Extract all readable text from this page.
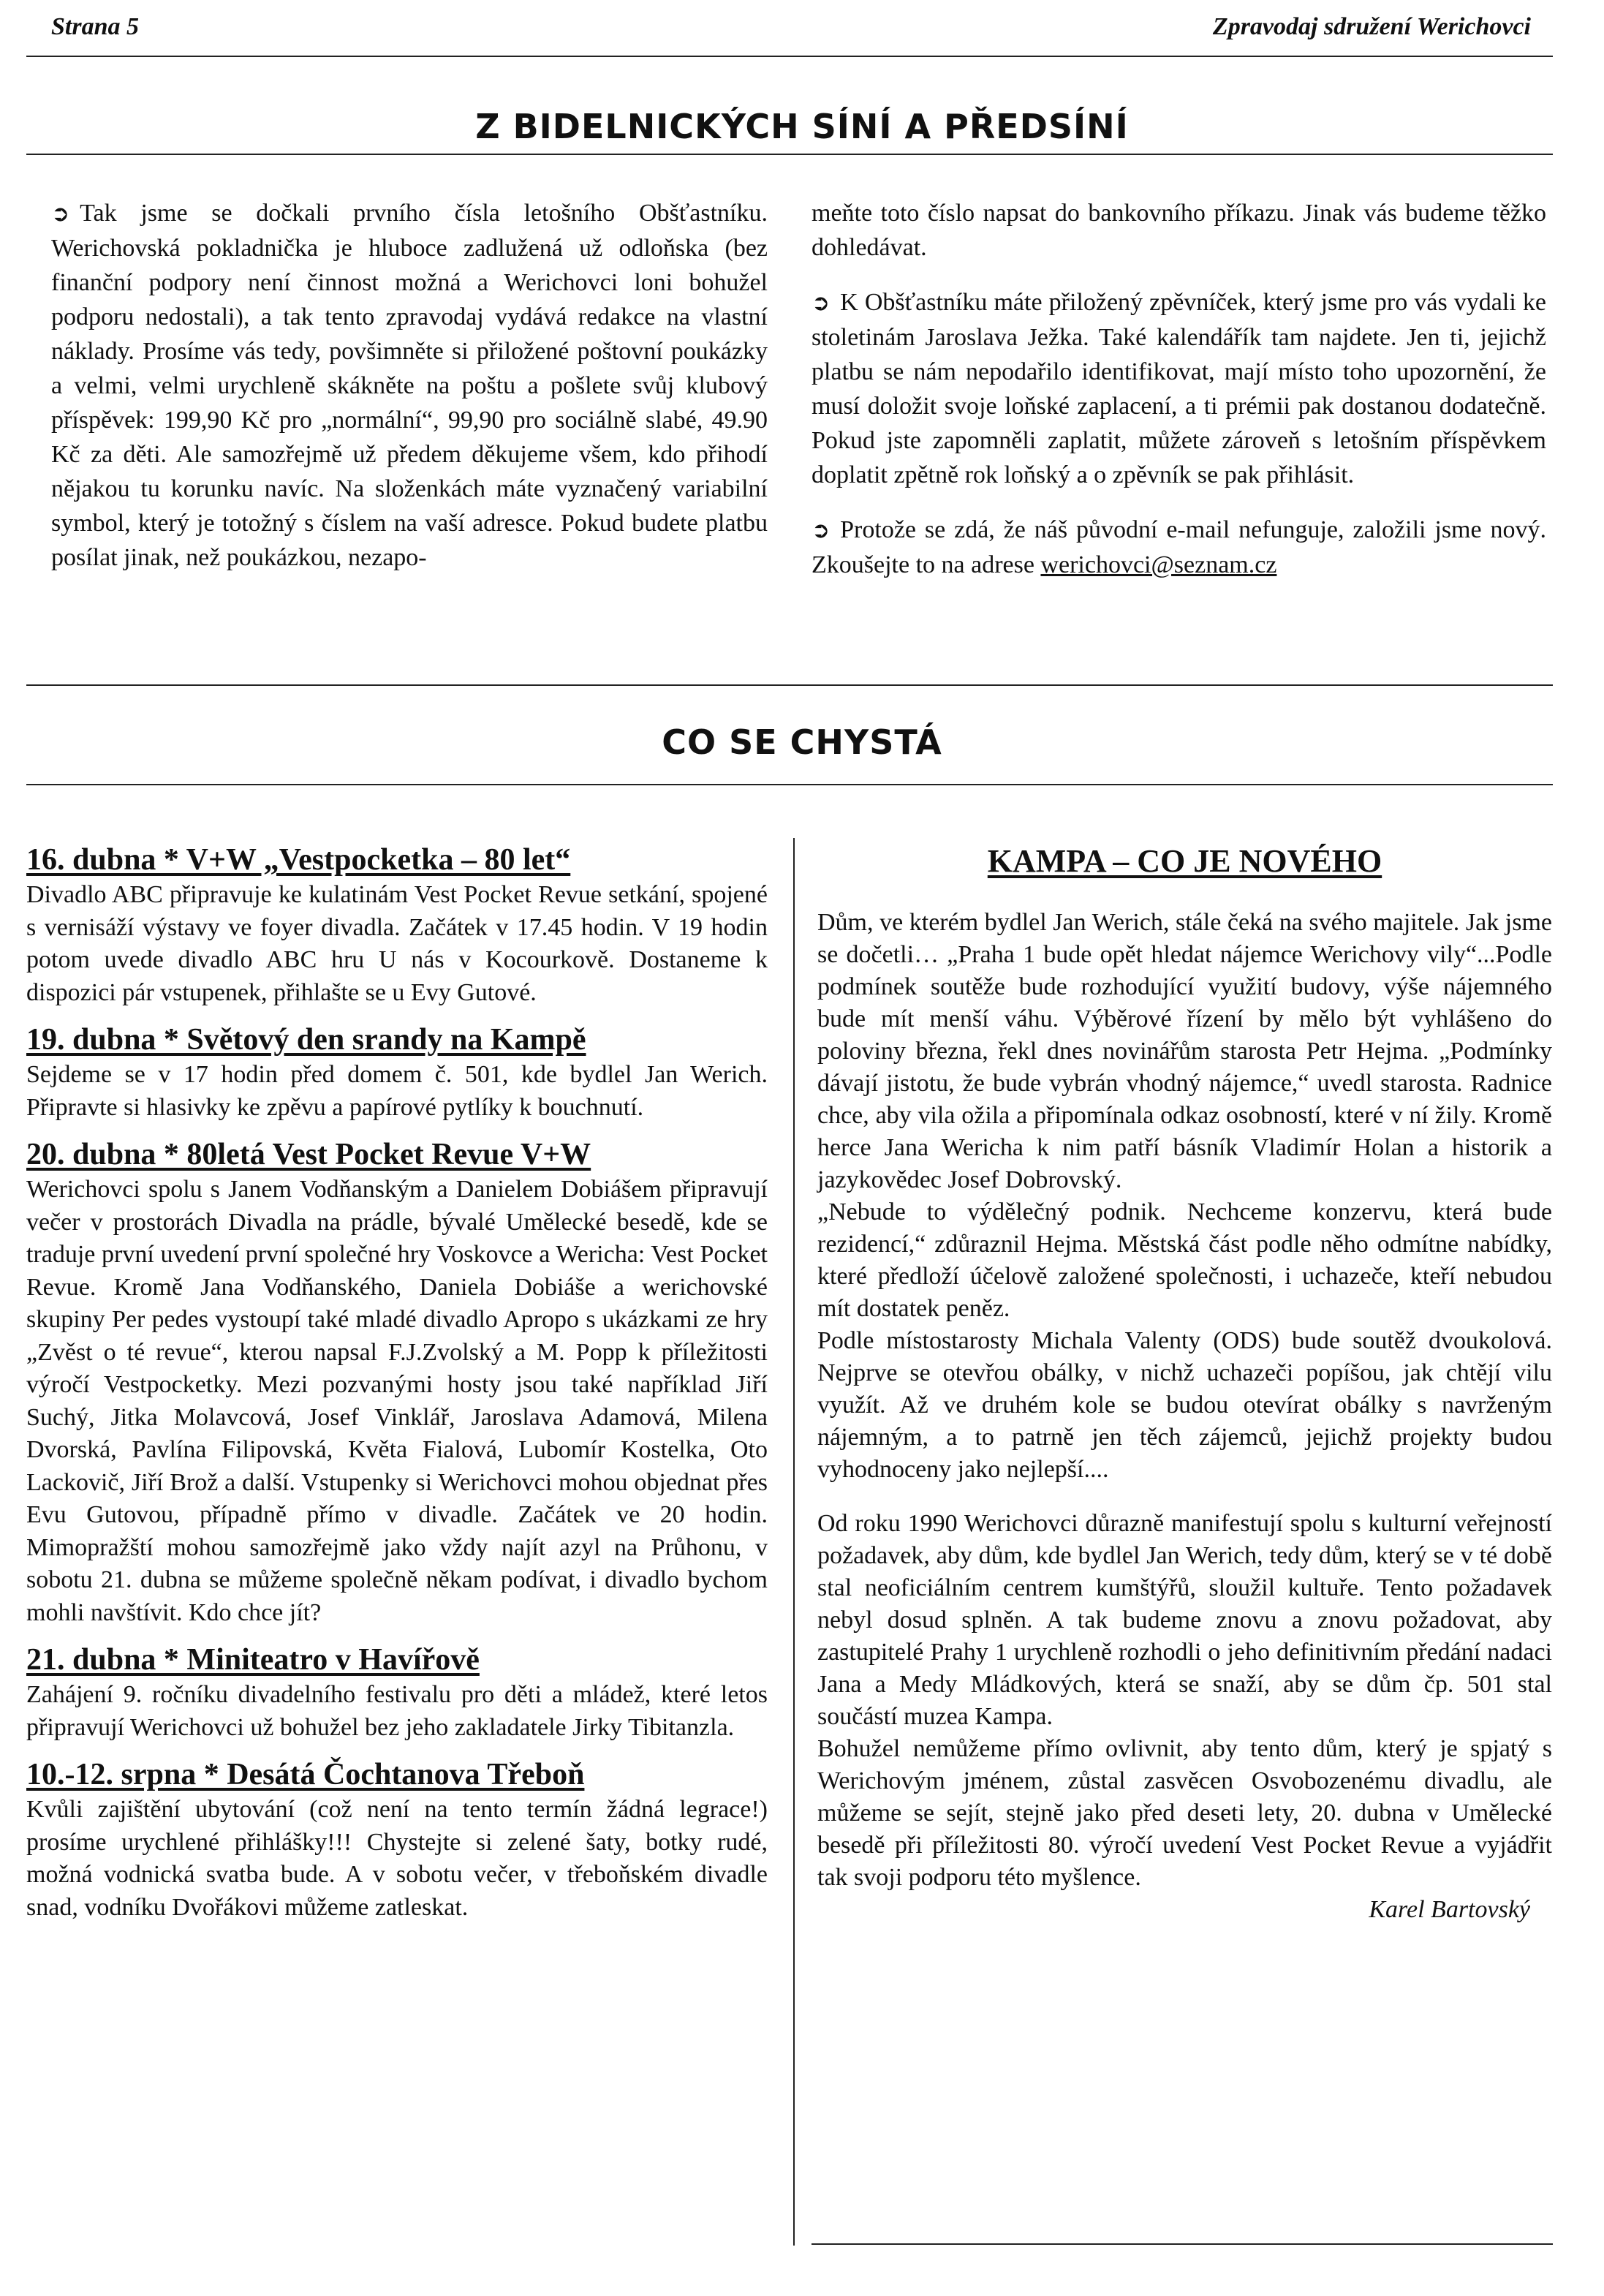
Strana 5	Zpravodaj sdružení Werichovci
Z BIDELNICKÝCH SÍNÍ A PŘEDSÍNÍ

➲ Tak jsme se dočkali prvního čísla letošního Obšťastníku. Werichovská pokladnička je hluboce zadlužená už odloňska (bez finanční podpory není činnost možná a Werichovci loni bohužel podporu nedostali), a tak tento zpravodaj vydává redakce na vlastní náklady. Prosíme vás tedy, povšimněte si přiložené poštovní poukázky a velmi, velmi urychleně skákněte na poštu a pošlete svůj klubový příspěvek: 199,90 Kč pro „normální“, 99,90 pro sociálně slabé, 49.90 Kč za děti. Ale samozřejmě už předem děkujeme všem, kdo přihodí nějakou tu korunku navíc. Na složenkách máte vyznačený variabilní symbol, který je totožný s číslem na vaší adresce. Pokud budete platbu posílat jinak, než poukázkou, nezapo-

meňte toto číslo napsat do bankovního příkazu. Jinak vás budeme těžko dohledávat.

➲ K Obšťastníku máte přiložený zpěvníček, který jsme pro vás vydali ke stoletinám Jaroslava Ježka. Také kalendářík tam najdete. Jen ti, jejichž platbu se nám nepodařilo identifikovat, mají místo toho upozornění, že musí doložit svoje loňské zaplacení, a ti prémii pak dostanou dodatečně. Pokud jste zapomněli zaplatit, můžete zároveň s letošním příspěvkem doplatit zpětně rok loňský a o zpěvník se pak přihlásit.

➲ Protože se zdá, že náš původní e-mail nefunguje, založili jsme nový. Zkoušejte to na adrese werichovci@seznam.cz

CO SE CHYSTÁ
16. dubna * V+W „Vestpocketka – 80 let“

Divadlo ABC připravuje ke kulatinám Vest Pocket Revue setkání, spojené s vernisáží výstavy ve foyer divadla. Začátek v 17.45 hodin. V 19 hodin potom uvede divadlo ABC hru U nás v Kocourkově. Dostaneme k dispozici pár vstupenek, přihlašte se u Evy Gutové.

19. dubna * Světový den srandy na Kampě

Sejdeme se v 17 hodin před domem č. 501, kde bydlel Jan Werich. Připravte si hlasivky ke zpěvu a papírové pytlíky k bouchnutí.

20. dubna * 80letá Vest Pocket Revue V+W

Werichovci spolu s Janem Vodňanským a Danielem Dobiášem připravují večer v prostorách Divadla na prádle, bývalé Umělecké besedě, kde se traduje první uvedení první společné hry Voskovce a Wericha: Vest Pocket Revue. Kromě Jana Vodňanského, Daniela Dobiáše a werichovské skupiny Per pedes vystoupí také mladé divadlo Apropo s ukázkami ze hry „Zvěst o té revue“, kterou napsal F.J.Zvolský a M. Popp k příležitosti výročí Vestpocketky. Mezi pozvanými hosty jsou také například Jiří Suchý, Jitka Molavcová, Josef Vinklář, Jaroslava Adamová, Milena Dvorská, Pavlína Filipovská, Květa Fialová, Lubomír Kostelka, Oto Lackovič, Jiří Brož a další. Vstupenky si Werichovci mohou objednat přes Evu Gutovou, případně přímo v divadle. Začátek ve 20 hodin. Mimopražští mohou samozřejmě jako vždy najít azyl na Průhonu, v sobotu 21. dubna se můžeme společně někam podívat, i divadlo bychom mohli navštívit. Kdo chce jít?

21. dubna * Miniteatro v Havířově

Zahájení 9. ročníku divadelního festivalu pro děti a mládež, které letos připravují Werichovci už bohužel bez jeho zakladatele Jirky Tibitanzla.

10.-12. srpna * Desátá Čochtanova Třeboň

Kvůli zajištění ubytování (což není na tento termín žádná legrace!) prosíme urychlené přihlášky!!! Chystejte si zelené šaty, botky rudé, možná vodnická svatba bude. A v sobotu večer, v třeboňském divadle snad, vodníku Dvořákovi můžeme zatleskat.

KAMPA – CO JE NOVÉHO

Dům, ve kterém bydlel Jan Werich, stále čeká na svého majitele. Jak jsme se dočetli… „Praha 1 bude opět hledat nájemce Werichovy vily“...Podle podmínek soutěže bude rozhodující využití budovy, výše nájemného bude mít menší váhu. Výběrové řízení by mělo být vyhlášeno do poloviny března, řekl dnes novinářům starosta Petr Hejma. „Podmínky dávají jistotu, že bude vybrán vhodný nájemce,“ uvedl starosta. Radnice chce, aby vila ožila a připomínala odkaz osobností, které v ní žily. Kromě herce Jana Wericha k nim patří básník Vladimír Holan a historik a jazykovědec Josef Dobrovský.

„Nebude to výdělečný podnik. Nechceme konzervu, která bude rezidencí,“ zdůraznil Hejma. Městská část podle něho odmítne nabídky, které předloží účelově založené společnosti, i uchazeče, kteří nebudou mít dostatek peněz.

Podle místostarosty Michala Valenty (ODS) bude soutěž dvoukolová. Nejprve se otevřou obálky, v nichž uchazeči popíšou, jak chtějí vilu využít. Až ve druhém kole se budou otevírat obálky s navrženým nájemným, a to patrně jen těch zájemců, jejichž projekty budou vyhodnoceny jako nejlepší....

Od roku 1990 Werichovci důrazně manifestují spolu s kulturní veřejností požadavek, aby dům, kde bydlel Jan Werich, tedy dům, který se v té době stal neoficiálním centrem kumštýřů, sloužil kultuře. Tento požadavek nebyl dosud splněn. A tak budeme znovu a znovu požadovat, aby zastupitelé Prahy 1 urychleně rozhodli o jeho definitivním předání nadaci Jana a Medy Mládkových, která se snaží, aby se dům čp. 501 stal součástí muzea Kampa.

Bohužel nemůžeme přímo ovlivnit, aby tento dům, který je spjatý s Werichovým jménem, zůstal zasvěcen Osvobozenému divadlu, ale můžeme se sejít, stejně jako před deseti lety, 20. dubna v Umělecké besedě při příležitosti 80. výročí uvedení Vest Pocket Revue a vyjádřit tak svoji podporu této myšlence.

Karel Bartovský
